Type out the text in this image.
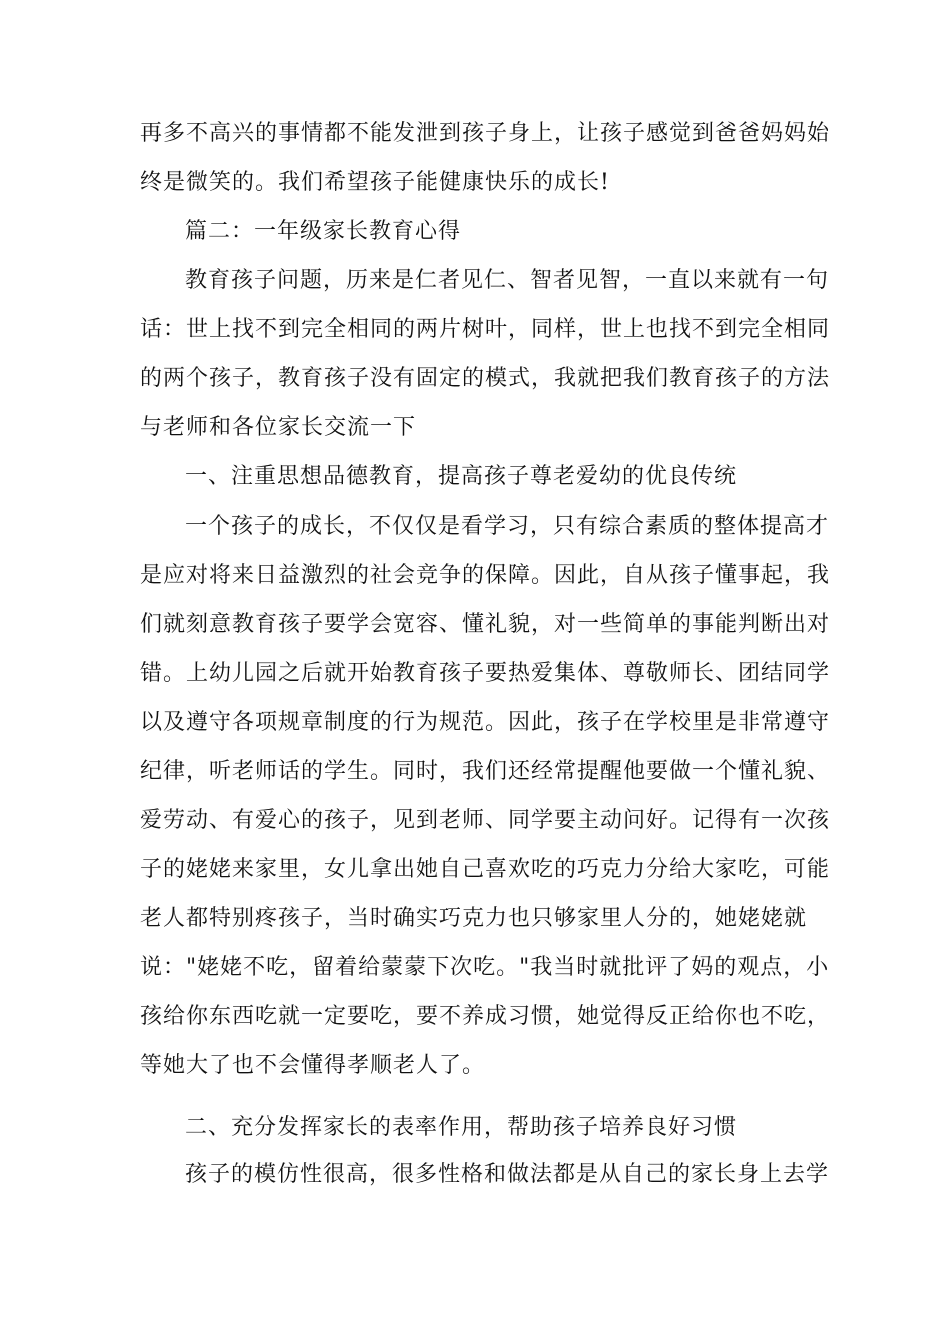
再多不高兴的事情都不能发泄到孩子身上，让孩子感觉到爸爸妈妈始
终是微笑的。我们希望孩子能健康快乐的成长!
篇二：一年级家长教育心得
教育孩子问题，历来是仁者见仁、智者见智，一直以来就有一句
话：世上找不到完全相同的两片树叶，同样，世上也找不到完全相同
的两个孩子，教育孩子没有固定的模式，我就把我们教育孩子的方法
与老师和各位家长交流一下
一、注重思想品德教育，提高孩子尊老爱幼的优良传统
一个孩子的成长，不仅仅是看学习，只有综合素质的整体提高才
是应对将来日益激烈的社会竞争的保障。因此，自从孩子懂事起，我
们就刻意教育孩子要学会宽容、懂礼貌，对一些简单的事能判断出对
错。上幼儿园之后就开始教育孩子要热爱集体、尊敬师长、团结同学
以及遵守各项规章制度的行为规范。因此，孩子在学校里是非常遵守
纪律，听老师话的学生。同时，我们还经常提醒他要做一个懂礼貌、
爱劳动、有爱心的孩子，见到老师、同学要主动问好。记得有一次孩
子的姥姥来家里，女儿拿出她自己喜欢吃的巧克力分给大家吃，可能
老人都特别疼孩子，当时确实巧克力也只够家里人分的，她姥姥就
说："姥姥不吃，留着给蒙蒙下次吃。"我当时就批评了妈的观点，小
孩给你东西吃就一定要吃，要不养成习惯，她觉得反正给你也不吃，
等她大了也不会懂得孝顺老人了。
二、充分发挥家长的表率作用，帮助孩子培养良好习惯
孩子的模仿性很高，很多性格和做法都是从自己的家长身上去学
